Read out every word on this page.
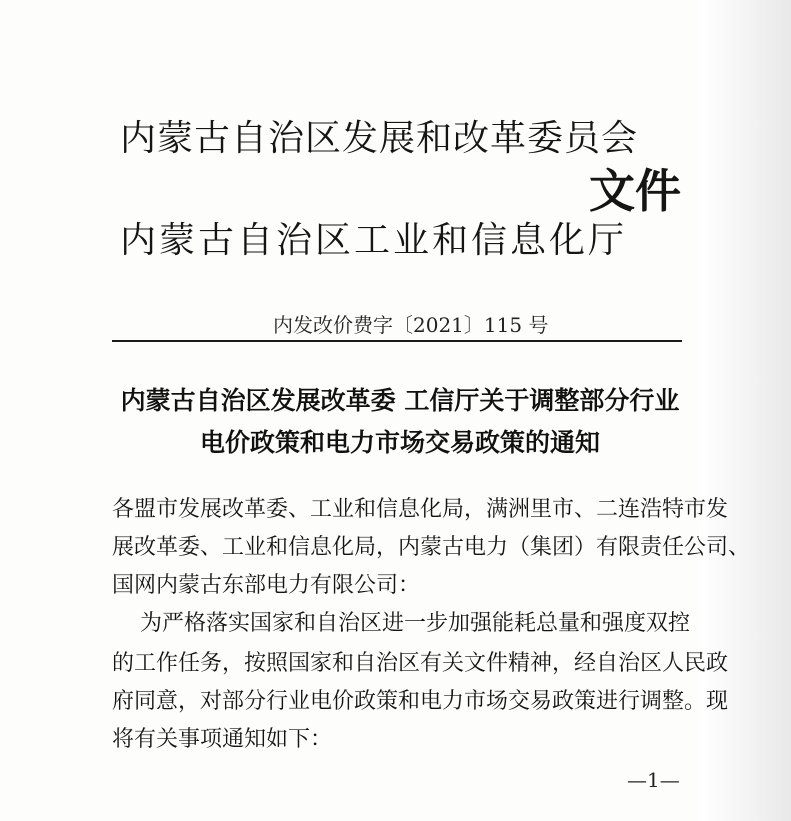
内蒙古自治区发展和改革委员会
文件
内蒙古自治区工业和信息化厅
内发改价费字〔2021〕115 号
内蒙古自治区发展改革委 工信厅关于调整部分行业
电价政策和电力市场交易政策的通知
各盟市发展改革委、工业和信息化局，满洲里市、二连浩特市发
展改革委、工业和信息化局，内蒙古电力（集团）有限责任公司、
国网内蒙古东部电力有限公司：
为严格落实国家和自治区进一步加强能耗总量和强度双控
的工作任务，按照国家和自治区有关文件精神，经自治区人民政
府同意，对部分行业电价政策和电力市场交易政策进行调整。现
将有关事项通知如下：
—1—
